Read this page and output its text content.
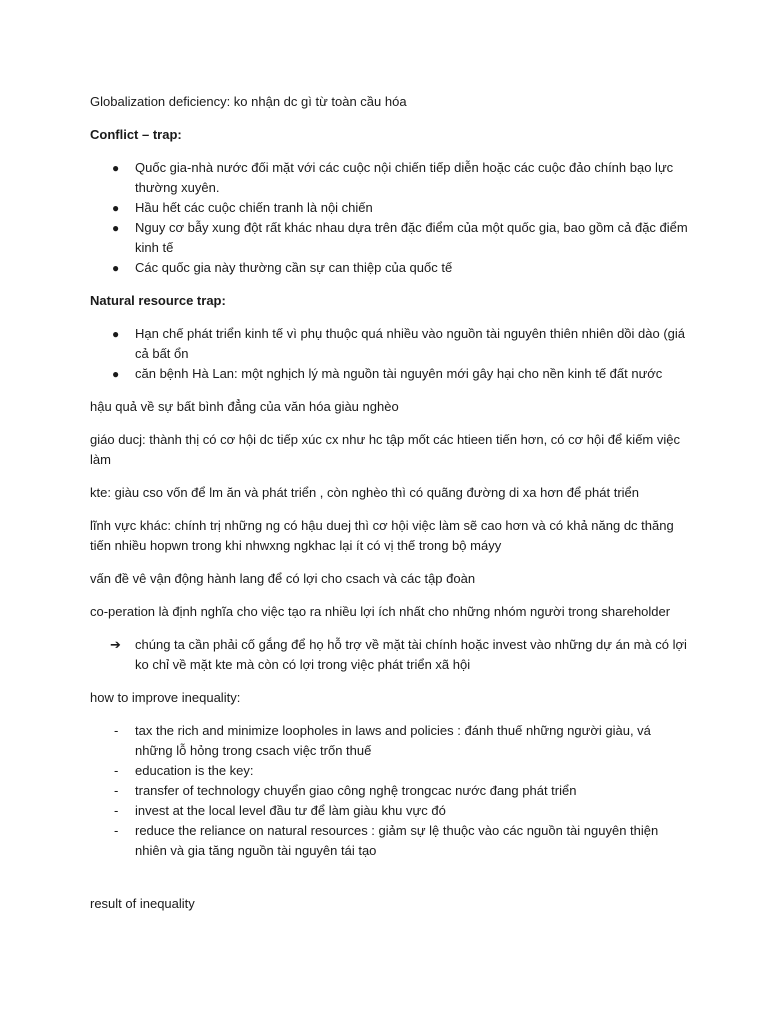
Globalization deficiency: ko nhận dc gì từ toàn cầu hóa

Conflict – trap:

● Quốc gia-nhà nước đối mặt với các cuộc nội chiến tiếp diễn hoặc các cuộc đảo chính bạo lực thường xuyên.
● Hầu hết các cuộc chiến tranh là nội chiến
● Nguy cơ bẫy xung đột rất khác nhau dựa trên đặc điểm của một quốc gia, bao gồm cả đặc điểm kinh tế
● Các quốc gia này thường cần sự can thiệp của quốc tế

Natural resource trap:

● Hạn chế phát triển kinh tế vì phụ thuộc quá nhiều vào nguồn tài nguyên thiên nhiên dồi dào (giá cả bất ổn
● căn bệnh Hà Lan: một nghịch lý mà nguồn tài nguyên mới gây hại cho nền kinh tế đất nước

hậu quả về sự bất bình đẳng của văn hóa giàu nghèo

giáo ducj: thành thị có cơ hội dc tiếp xúc cx như hc tập mốt các htieen tiến hơn, có cơ hội để kiếm việc làm

kte: giàu cso vốn để lm ăn và phát triển , còn nghèo thì có quãng đường di xa hơn để phát triển

lĩnh vực khác: chính trị những ng có hậu duej thì cơ hội việc làm sẽ cao hơn và có khả năng dc thăng tiến nhiều hopwn trong khi nhwxng ngkhac lại ít có vị thế trong bộ máyy

vấn đề vê vận động hành lang để có lợi cho csach và các tập đoàn

co-peration là định nghĩa cho việc tạo ra nhiều lợi ích nhất cho những nhóm người trong shareholder

➔ chúng ta cần phải cố gắng để họ hỗ trợ về mặt tài chính hoặc invest vào những dự án mà có lợi ko chỉ về mặt kte mà còn có lợi trong việc phát triển xã hội

how to improve inequality:

- tax the rich and minimize loopholes in laws and policies : đánh thuế những người giàu, vá những lỗ hỏng trong csach việc trốn thuế
- education is the key:
- transfer of technology chuyển giao công nghệ trongcac nước đang phát triển
- invest at the local level đầu tư để làm giàu khu vực đó
- reduce the reliance on natural resources : giảm sự lệ thuộc vào các nguồn tài nguyên thiện nhiên và gia tăng nguồn tài nguyên tái tạo

result of inequality
